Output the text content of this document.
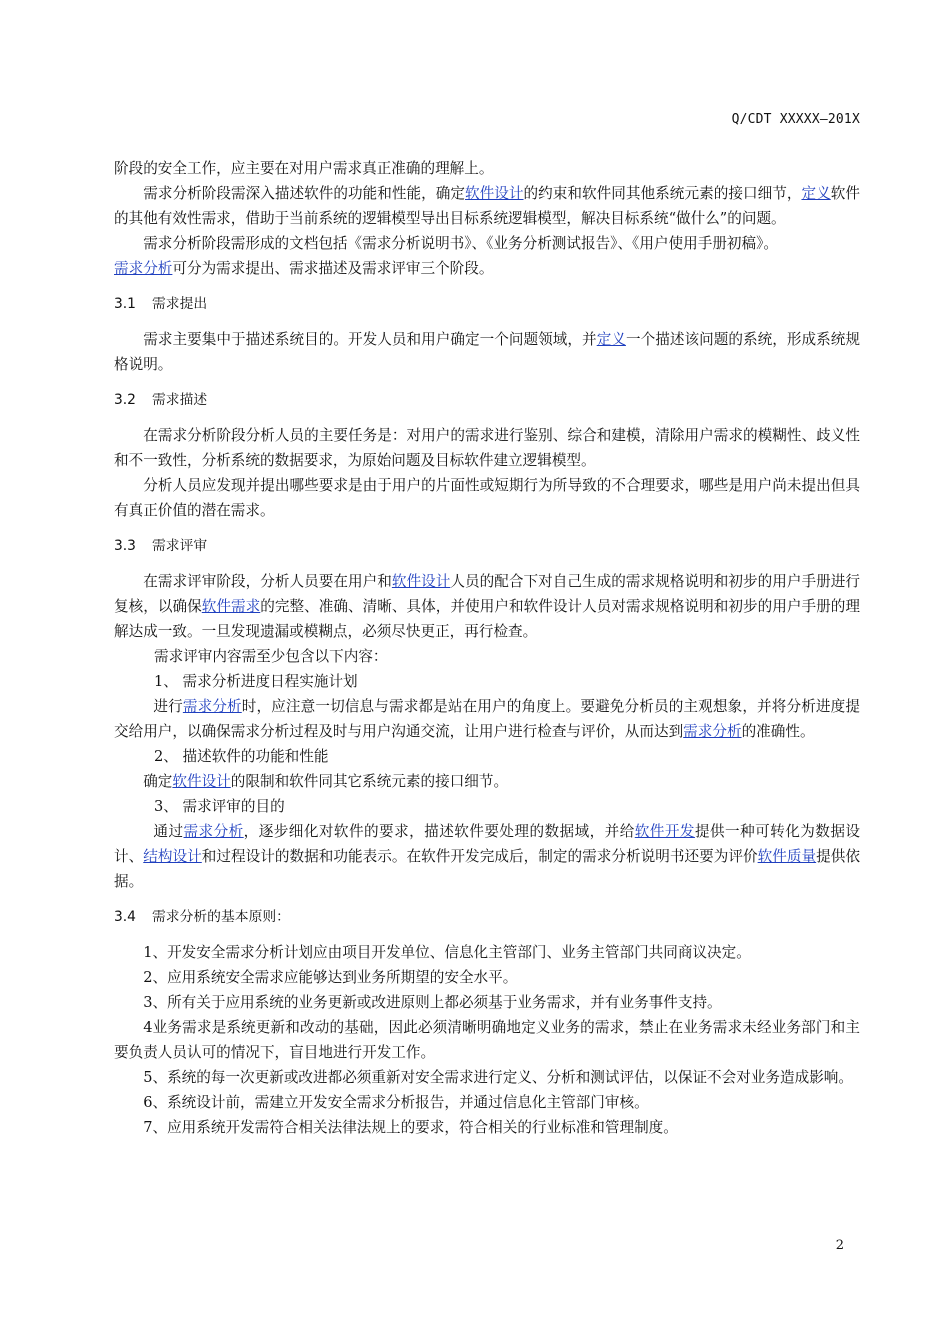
Q/CDT XXXXX—201X

阶段的安全工作，应主要在对用户需求真正准确的理解上。

需求分析阶段需深入描述软件的功能和性能，确定软件设计的约束和软件同其他系统元素的接口细节，定义软件的其他有效性需求，借助于当前系统的逻辑模型导出目标系统逻辑模型，解决目标系统“做什么”的问题。

需求分析阶段需形成的文档包括《需求分析说明书》、《业务分析测试报告》、《用户使用手册初稿》。

需求分析可分为需求提出、需求描述及需求评审三个阶段。

3.1 需求提出

需求主要集中于描述系统目的。开发人员和用户确定一个问题领域，并定义一个描述该问题的系统，形成系统规格说明。

3.2 需求描述

在需求分析阶段分析人员的主要任务是：对用户的需求进行鉴别、综合和建模，清除用户需求的模糊性、歧义性和不一致性，分析系统的数据要求，为原始问题及目标软件建立逻辑模型。

分析人员应发现并提出哪些要求是由于用户的片面性或短期行为所导致的不合理要求，哪些是用户尚未提出但具有真正价值的潜在需求。

3.3 需求评审

在需求评审阶段，分析人员要在用户和软件设计人员的配合下对自己生成的需求规格说明和初步的用户手册进行复核，以确保软件需求的完整、准确、清晰、具体，并使用户和软件设计人员对需求规格说明和初步的用户手册的理解达成一致。一旦发现遗漏或模糊点，必须尽快更正，再行检查。

需求评审内容需至少包含以下内容：

1、 需求分析进度日程实施计划

进行需求分析时，应注意一切信息与需求都是站在用户的角度上。要避免分析员的主观想象，并将分析进度提交给用户，以确保需求分析过程及时与用户沟通交流，让用户进行检查与评价，从而达到需求分析的准确性。

2、 描述软件的功能和性能

确定软件设计的限制和软件同其它系统元素的接口细节。

3、 需求评审的目的

通过需求分析，逐步细化对软件的要求，描述软件要处理的数据域，并给软件开发提供一种可转化为数据设计、结构设计和过程设计的数据和功能表示。在软件开发完成后，制定的需求分析说明书还要为评价软件质量提供依据。

3.4 需求分析的基本原则：

1、开发安全需求分析计划应由项目开发单位、信息化主管部门、业务主管部门共同商议决定。

2、应用系统安全需求应能够达到业务所期望的安全水平。

3、所有关于应用系统的业务更新或改进原则上都必须基于业务需求，并有业务事件支持。

4业务需求是系统更新和改动的基础，因此必须清晰明确地定义业务的需求，禁止在业务需求未经业务部门和主要负责人员认可的情况下，盲目地进行开发工作。

5、系统的每一次更新或改进都必须重新对安全需求进行定义、分析和测试评估，以保证不会对业务造成影响。

6、系统设计前，需建立开发安全需求分析报告，并通过信息化主管部门审核。

7、应用系统开发需符合相关法律法规上的要求，符合相关的行业标准和管理制度。

2
